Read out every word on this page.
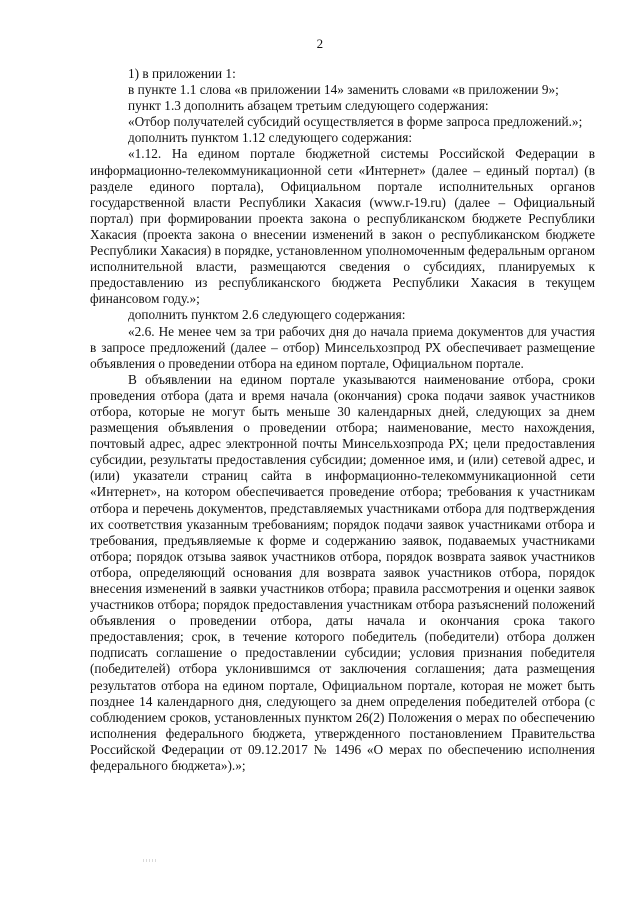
2

1) в приложении 1:

в пункте 1.1 слова «в приложении 14» заменить словами «в приложении 9»;

пункт 1.3 дополнить абзацем третьим следующего содержания:

«Отбор получателей субсидий осуществляется в форме запроса предложений.»;

дополнить пунктом 1.12 следующего содержания:

«1.12. На едином портале бюджетной системы Российской Федерации в информационно-телекоммуникационной сети «Интернет» (далее – единый портал) (в разделе единого портала), Официальном портале исполнительных органов государственной власти Республики Хакасия (www.r-19.ru) (далее – Официальный портал) при формировании проекта закона о республиканском бюджете Республики Хакасия (проекта закона о внесении изменений в закон о республиканском бюджете Республики Хакасия) в порядке, установленном уполномоченным федеральным органом исполнительной власти, размещаются сведения о субсидиях, планируемых к предоставлению из республиканского бюджета Республики Хакасия в текущем финансовом году.»;

дополнить пунктом 2.6 следующего содержания:

«2.6. Не менее чем за три рабочих дня до начала приема документов для участия в запросе предложений (далее – отбор) Минсельхозпрод РХ обеспечивает размещение объявления о проведении отбора на едином портале, Официальном портале.

В объявлении на едином портале указываются наименование отбора, сроки проведения отбора (дата и время начала (окончания) срока подачи заявок участников отбора, которые не могут быть меньше 30 календарных дней, следующих за днем размещения объявления о проведении отбора; наименование, место нахождения, почтовый адрес, адрес электронной почты Минсельхозпрода РХ; цели предоставления субсидии, результаты предоставления субсидии; доменное имя, и (или) сетевой адрес, и (или) указатели страниц сайта в информационно-телекоммуникационной сети «Интернет», на котором обеспечивается проведение отбора; требования к участникам отбора и перечень документов, представляемых участниками отбора для подтверждения их соответствия указанным требованиям; порядок подачи заявок участниками отбора и требования, предъявляемые к форме и содержанию заявок, подаваемых участниками отбора; порядок отзыва заявок участников отбора, порядок возврата заявок участников отбора, определяющий основания для возврата заявок участников отбора, порядок внесения изменений в заявки участников отбора; правила рассмотрения и оценки заявок участников отбора; порядок предоставления участникам отбора разъяснений положений объявления о проведении отбора, даты начала и окончания срока такого предоставления; срок, в течение которого победитель (победители) отбора должен подписать соглашение о предоставлении субсидии; условия признания победителя (победителей) отбора уклонившимся от заключения соглашения; дата размещения результатов отбора на едином портале, Официальном портале, которая не может быть позднее 14 календарного дня, следующего за днем определения победителей отбора (с соблюдением сроков, установленных пунктом 26(2) Положения о мерах по обеспечению исполнения федерального бюджета, утвержденного постановлением Правительства Российской Федерации от 09.12.2017 № 1496 «О мерах по обеспечению исполнения федерального бюджета»).»;
